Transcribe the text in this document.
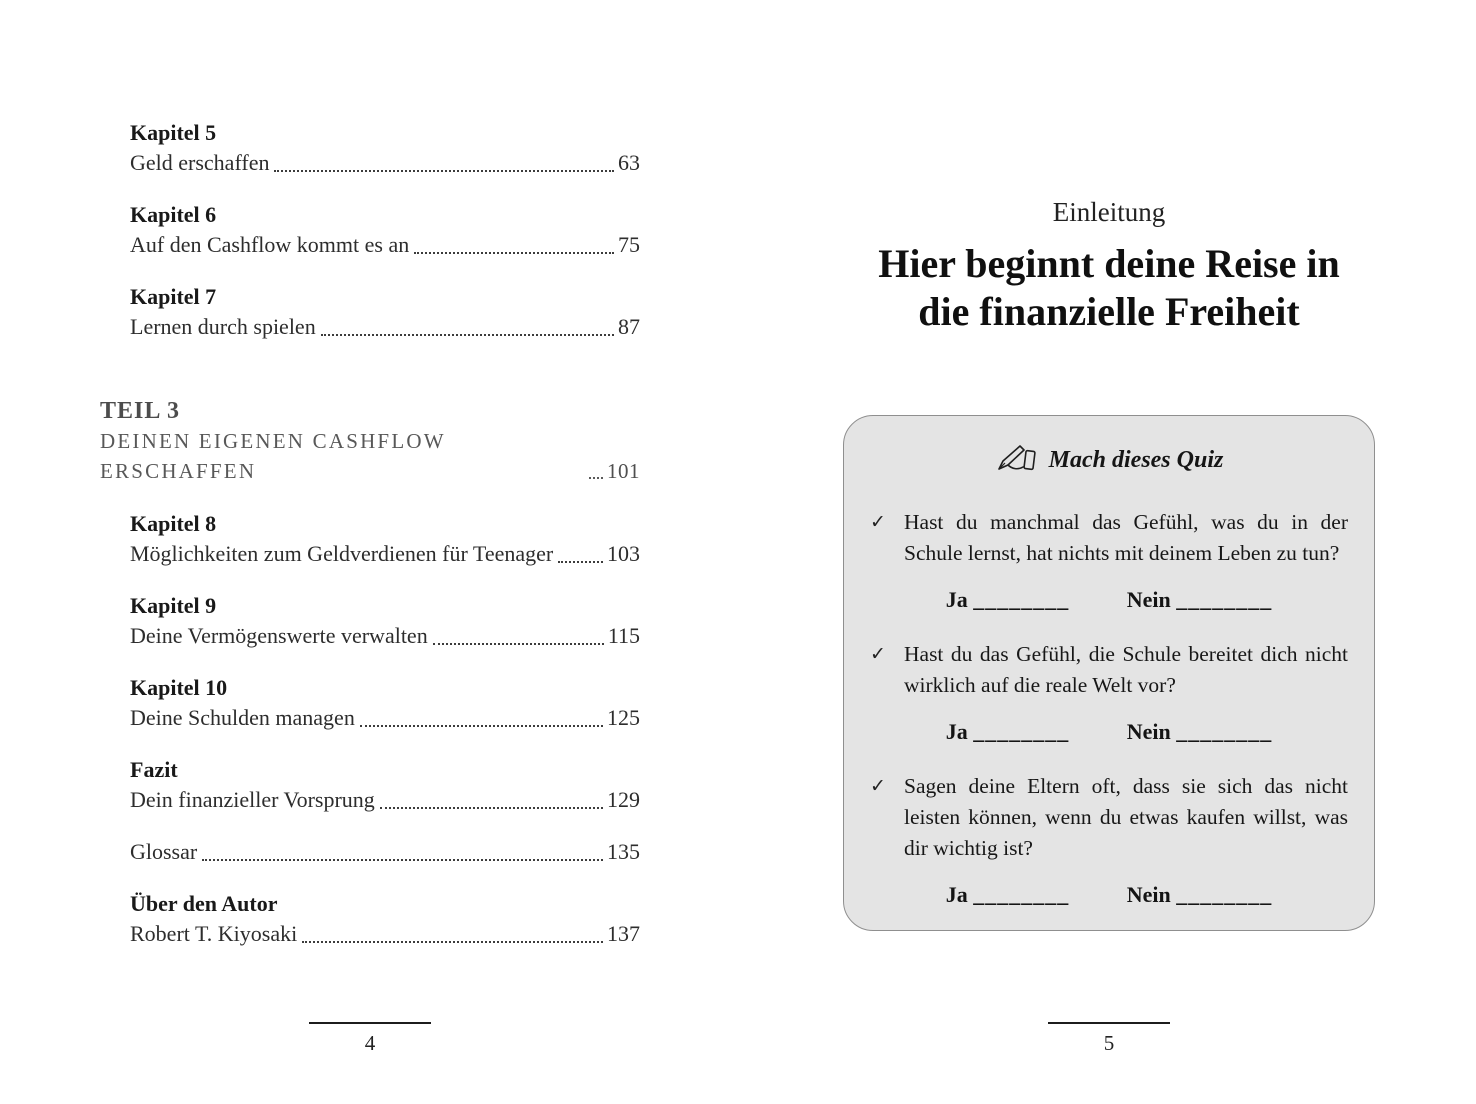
Kapitel 5
Geld erschaffen	63
Kapitel 6
Auf den Cashflow kommt es an	75
Kapitel 7
Lernen durch spielen	87
TEIL 3
DEINEN EIGENEN CASHFLOW ERSCHAFFEN	101
Kapitel 8
Möglichkeiten zum Geldverdienen für Teenager 103
Kapitel 9
Deine Vermögenswerte verwalten	115
Kapitel 10
Deine Schulden managen	125
Fazit
Dein finanzieller Vorsprung	129
Glossar	135
Über den Autor
Robert T. Kiyosaki	137
4
Einleitung
Hier beginnt deine Reise in
die finanzielle Freiheit
Mach dieses Quiz
✓ Hast du manchmal das Gefühl, was du in der Schule lernst, hat nichts mit deinem Leben zu tun?

Ja ________	Nein ________
✓ Hast du das Gefühl, die Schule bereitet dich nicht wirklich auf die reale Welt vor?

Ja ________	Nein ________
✓ Sagen deine Eltern oft, dass sie sich das nicht leisten können, wenn du etwas kaufen willst, was dir wichtig ist?

Ja ________	Nein ________
5
